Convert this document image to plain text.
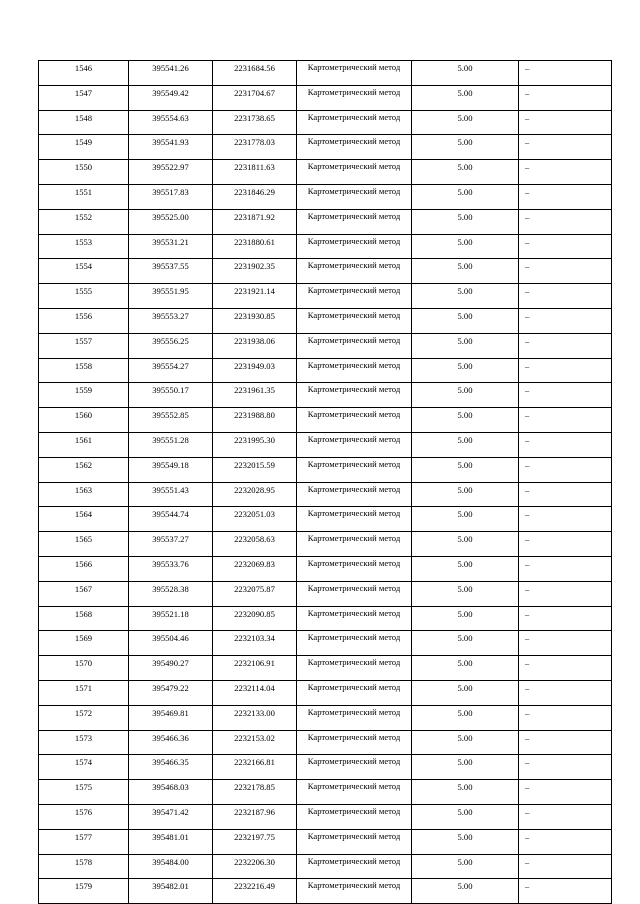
1546	395541.26	2231684.56	Картометрический метод	5.00	–
1547	395549.42	2231704.67	Картометрический метод	5.00	–
1548	395554.63	2231738.65	Картометрический метод	5.00	–
1549	395541.93	2231778.03	Картометрический метод	5.00	–
1550	395522.97	2231811.63	Картометрический метод	5.00	–
1551	395517.83	2231846.29	Картометрический метод	5.00	–
1552	395525.00	2231871.92	Картометрический метод	5.00	–
1553	395531.21	2231880.61	Картометрический метод	5.00	–
1554	395537.55	2231902.35	Картометрический метод	5.00	–
1555	395551.95	2231921.14	Картометрический метод	5.00	–
1556	395553.27	2231930.85	Картометрический метод	5.00	–
1557	395556.25	2231938.06	Картометрический метод	5.00	–
1558	395554.27	2231949.03	Картометрический метод	5.00	–
1559	395550.17	2231961.35	Картометрический метод	5.00	–
1560	395552.85	2231988.80	Картометрический метод	5.00	–
1561	395551.28	2231995.30	Картометрический метод	5.00	–
1562	395549.18	2232015.59	Картометрический метод	5.00	–
1563	395551.43	2232028.95	Картометрический метод	5.00	–
1564	395544.74	2232051.03	Картометрический метод	5.00	–
1565	395537.27	2232058.63	Картометрический метод	5.00	–
1566	395533.76	2232069.83	Картометрический метод	5.00	–
1567	395528.38	2232075.87	Картометрический метод	5.00	–
1568	395521.18	2232090.85	Картометрический метод	5.00	–
1569	395504.46	2232103.34	Картометрический метод	5.00	–
1570	395490.27	2232106.91	Картометрический метод	5.00	–
1571	395479.22	2232114.04	Картометрический метод	5.00	–
1572	395469.81	2232133.00	Картометрический метод	5.00	–
1573	395466.36	2232153.02	Картометрический метод	5.00	–
1574	395466.35	2232166.81	Картометрический метод	5.00	–
1575	395468.03	2232178.85	Картометрический метод	5.00	–
1576	395471.42	2232187.96	Картометрический метод	5.00	–
1577	395481.01	2232197.75	Картометрический метод	5.00	–
1578	395484.00	2232206.30	Картометрический метод	5.00	–
1579	395482.01	2232216.49	Картометрический метод	5.00	–
